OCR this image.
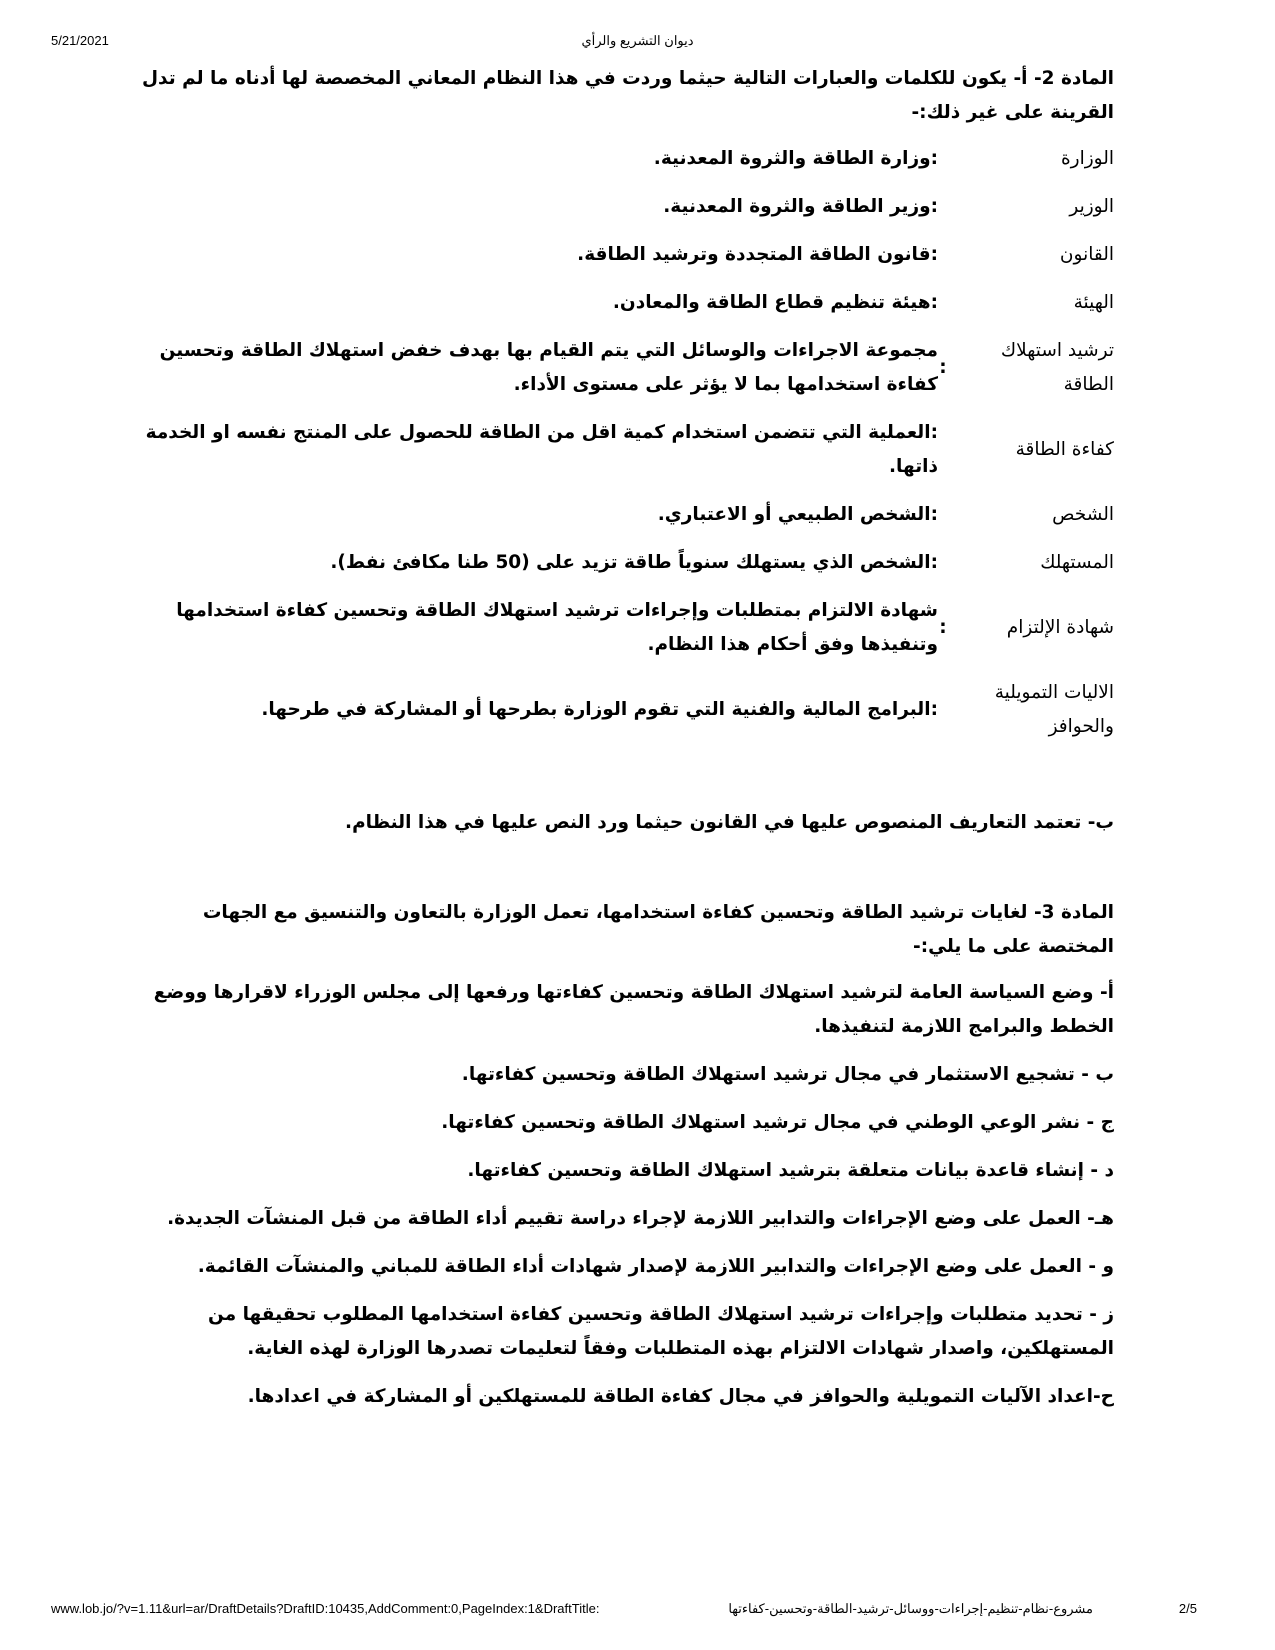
5/21/2021	ديوان التشريع والرأي

المادة 2- أ- يكون للكلمات والعبارات التالية حيثما وردت في هذا النظام المعاني المخصصة لها أدناه ما لم تدل القرينة على غير ذلك:-

الوزارة
:وزارة الطاقة والثروة المعدنية.
الوزير
:وزير الطاقة والثروة المعدنية.
القانون
:قانون الطاقة المتجددة وترشيد الطاقة.
الهيئة
:هيئة تنظيم قطاع الطاقة والمعادن.
ترشيد استهلاك الطاقة
:
مجموعة الاجراءات والوسائل التي يتم القيام بها بهدف خفض استهلاك الطاقة وتحسين كفاءة استخدامها بما لا يؤثر على مستوى الأداء.
كفاءة الطاقة
:العملية التي تتضمن استخدام كمية اقل من الطاقة للحصول على المنتج نفسه او الخدمة ذاتها.
الشخص
:الشخص الطبيعي أو الاعتباري.
المستهلك
:الشخص الذي يستهلك سنوياً طاقة تزيد على (50 طنا مكافئ نفط).
شهادة الإلتزام
:
شهادة الالتزام بمتطلبات وإجراءات ترشيد استهلاك الطاقة وتحسين كفاءة استخدامها وتنفيذها وفق أحكام هذا النظام.
الاليات التمويلية والحوافز
:البرامج المالية والفنية التي تقوم الوزارة بطرحها أو المشاركة في طرحها.

ب- تعتمد التعاريف المنصوص عليها في القانون حيثما ورد النص عليها في هذا النظام.

المادة 3- لغايات ترشيد الطاقة وتحسين كفاءة استخدامها، تعمل الوزارة بالتعاون والتنسيق مع الجهات المختصة على ما يلي:-

أ- وضع السياسة العامة لترشيد استهلاك الطاقة وتحسين كفاءتها ورفعها إلى مجلس الوزراء لاقرارها ووضع الخطط والبرامج اللازمة لتنفيذها.

ب - تشجيع الاستثمار في مجال ترشيد استهلاك الطاقة وتحسين كفاءتها.

ج - نشر الوعي الوطني في مجال ترشيد استهلاك الطاقة وتحسين كفاءتها.

د - إنشاء قاعدة بيانات متعلقة بترشيد استهلاك الطاقة وتحسين كفاءتها.

هـ- العمل على وضع الإجراءات والتدابير اللازمة لإجراء دراسة تقييم أداء الطاقة من قبل المنشآت الجديدة.

و - العمل على وضع الإجراءات والتدابير اللازمة لإصدار شهادات أداء الطاقة للمباني والمنشآت القائمة.

ز - تحديد متطلبات وإجراءات ترشيد استهلاك الطاقة وتحسين كفاءة استخدامها المطلوب تحقيقها من المستهلكين، واصدار شهادات الالتزام بهذه المتطلبات وفقاً لتعليمات تصدرها الوزارة لهذه الغاية.

ح-اعداد الآليات التمويلية والحوافز في مجال كفاءة الطاقة للمستهلكين أو المشاركة في اعدادها.

www.lob.jo/?v=1.11&url=ar/DraftDetails?DraftID:10435,AddComment:0,PageIndex:1&DraftTitle:	مشروع-نظام-تنظيم-إجراءات-ووسائل-ترشيد-الطاقة-وتحسين-كفاءتها	2/5
